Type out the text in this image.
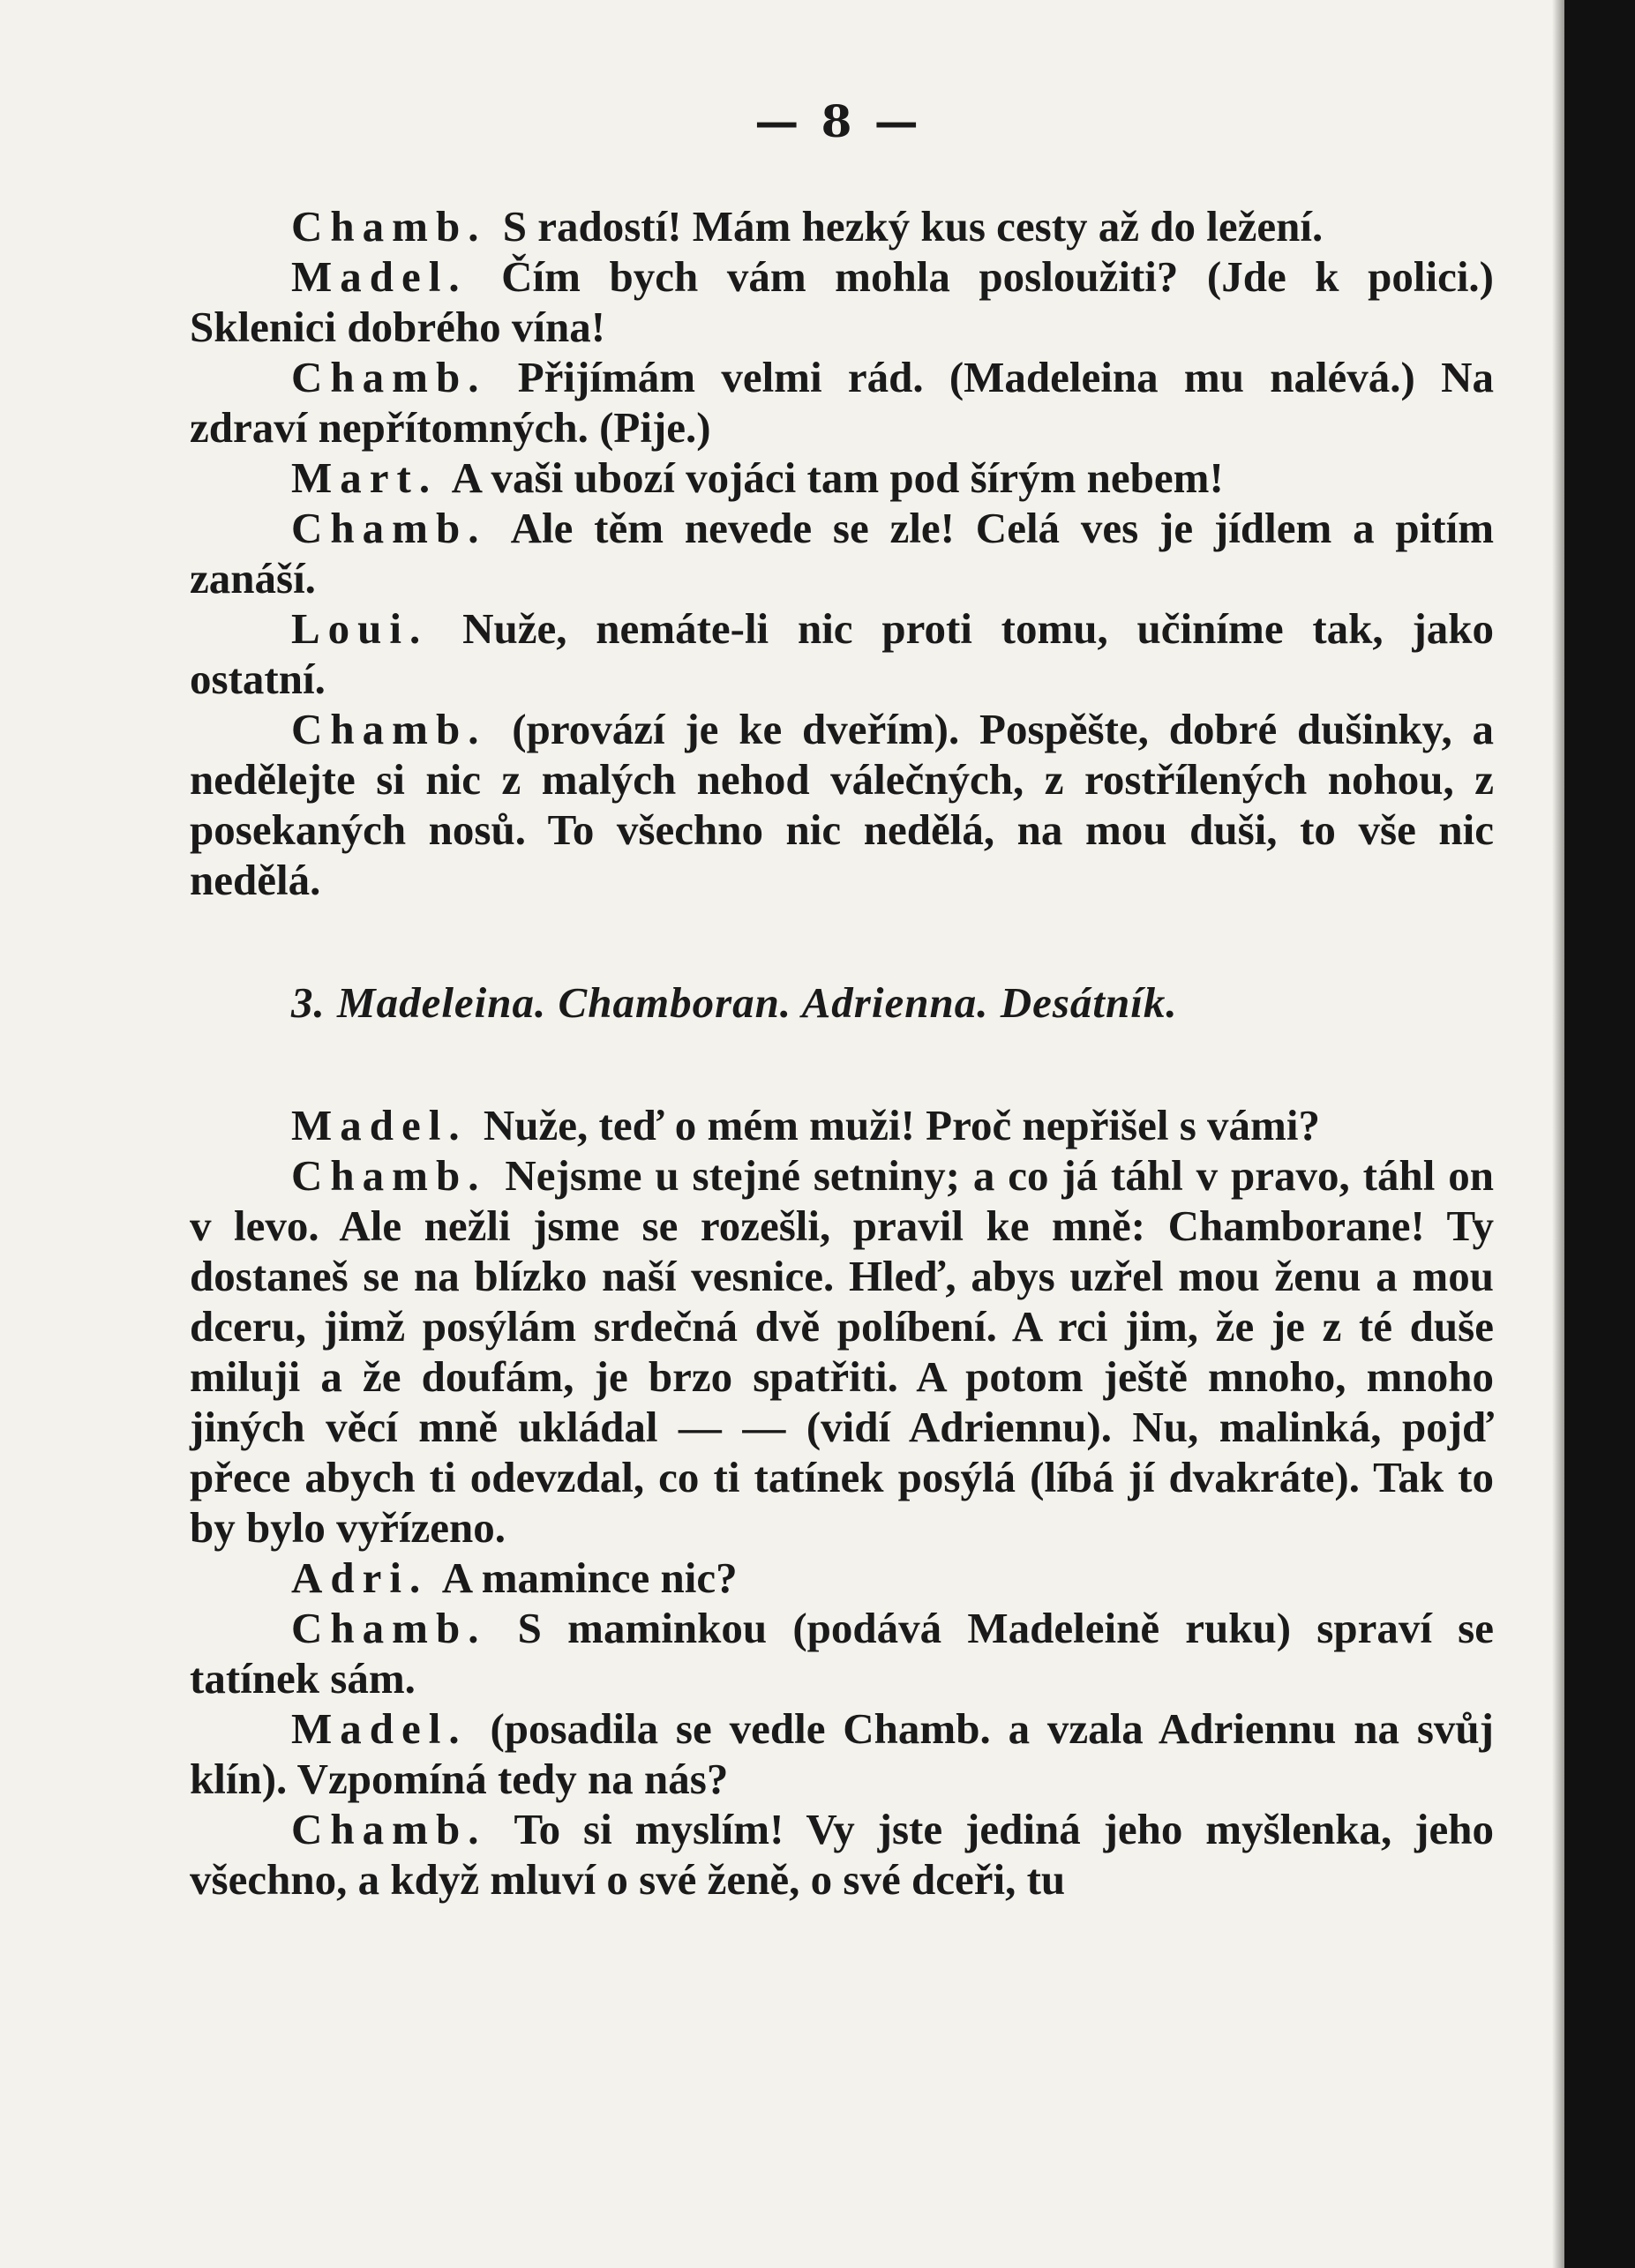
— 8 —

Chamb. S radostí! Mám hezký kus cesty až do ležení.

Madel. Čím bych vám mohla posloužiti? (Jde k polici.) Sklenici dobrého vína!

Chamb. Přijímám velmi rád. (Madeleina mu nalévá.) Na zdraví nepřítomných. (Pije.)

Mart. A vaši ubozí vojáci tam pod šírým nebem!

Chamb. Ale těm nevede se zle! Celá ves je jídlem a pitím zanáší.

Loui. Nuže, nemáte-li nic proti tomu, učiníme tak, jako ostatní.

Chamb. (provází je ke dveřím). Pospěšte, dobré dušinky, a nedělejte si nic z malých nehod válečných, z rostřílených nohou, z posekaných nosů. To všechno nic nedělá, na mou duši, to vše nic nedělá.

3. Madeleina. Chamboran. Adrienna. Desátník.

Madel. Nuže, teď o mém muži! Proč nepřišel s vámi?

Chamb. Nejsme u stejné setniny; a co já táhl v pravo, táhl on v levo. Ale nežli jsme se rozešli, pravil ke mně: Chamborane! Ty dostaneš se na blízko naší vesnice. Hleď, abys uzřel mou ženu a mou dceru, jimž posýlám srdečná dvě políbení. A rci jim, že je z té duše miluji a že doufám, je brzo spatřiti. A potom ještě mnoho, mnoho jiných věcí mně ukládal — — (vidí Adriennu). Nu, malinká, pojď přece abych ti odevzdal, co ti tatínek posýlá (líbá jí dvakráte). Tak to by bylo vyřízeno.

Adri. A mamince nic?

Chamb. S maminkou (podává Madeleině ruku) spraví se tatínek sám.

Madel. (posadila se vedle Chamb. a vzala Adriennu na svůj klín). Vzpomíná tedy na nás?

Chamb. To si myslím! Vy jste jediná jeho myšlenka, jeho všechno, a když mluví o své ženě, o své dceři, tu
